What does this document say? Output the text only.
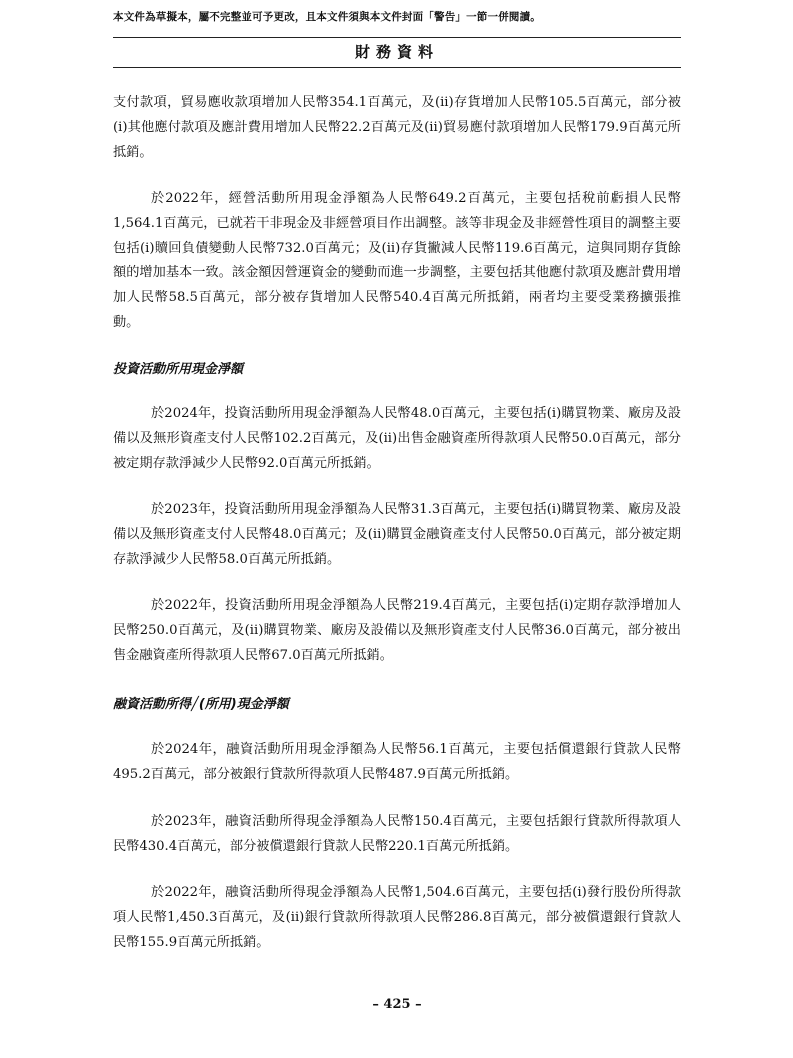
本文件為草擬本，屬不完整並可予更改，且本文件須與本文件封面「警告」一節一併閱讀。
財務資料

支付款項，貿易應收款項增加人民幣354.1百萬元，及(ii)存貨增加人民幣105.5百萬元，部分被(i)其他應付款項及應計費用增加人民幣22.2百萬元及(ii)貿易應付款項增加人民幣179.9百萬元所抵銷。

於2022年，經營活動所用現金淨額為人民幣649.2百萬元，主要包括稅前虧損人民幣1,564.1百萬元，已就若干非現金及非經營項目作出調整。該等非現金及非經營性項目的調整主要包括(i)贖回負債變動人民幣732.0百萬元；及(ii)存貨撇減人民幣119.6百萬元，這與同期存貨餘額的增加基本一致。該金額因營運資金的變動而進一步調整，主要包括其他應付款項及應計費用增加人民幣58.5百萬元，部分被存貨增加人民幣540.4百萬元所抵銷，兩者均主要受業務擴張推動。

投資活動所用現金淨額

於2024年，投資活動所用現金淨額為人民幣48.0百萬元，主要包括(i)購買物業、廠房及設備以及無形資產支付人民幣102.2百萬元，及(ii)出售金融資產所得款項人民幣50.0百萬元，部分被定期存款淨減少人民幣92.0百萬元所抵銷。

於2023年，投資活動所用現金淨額為人民幣31.3百萬元，主要包括(i)購買物業、廠房及設備以及無形資產支付人民幣48.0百萬元；及(ii)購買金融資產支付人民幣50.0百萬元，部分被定期存款淨減少人民幣58.0百萬元所抵銷。

於2022年，投資活動所用現金淨額為人民幣219.4百萬元，主要包括(i)定期存款淨增加人民幣250.0百萬元，及(ii)購買物業、廠房及設備以及無形資產支付人民幣36.0百萬元，部分被出售金融資產所得款項人民幣67.0百萬元所抵銷。

融資活動所得╱(所用)現金淨額

於2024年，融資活動所用現金淨額為人民幣56.1百萬元，主要包括償還銀行貸款人民幣495.2百萬元，部分被銀行貸款所得款項人民幣487.9百萬元所抵銷。

於2023年，融資活動所得現金淨額為人民幣150.4百萬元，主要包括銀行貸款所得款項人民幣430.4百萬元，部分被償還銀行貸款人民幣220.1百萬元所抵銷。

於2022年，融資活動所得現金淨額為人民幣1,504.6百萬元，主要包括(i)發行股份所得款項人民幣1,450.3百萬元，及(ii)銀行貸款所得款項人民幣286.8百萬元，部分被償還銀行貸款人民幣155.9百萬元所抵銷。

– 425 –
